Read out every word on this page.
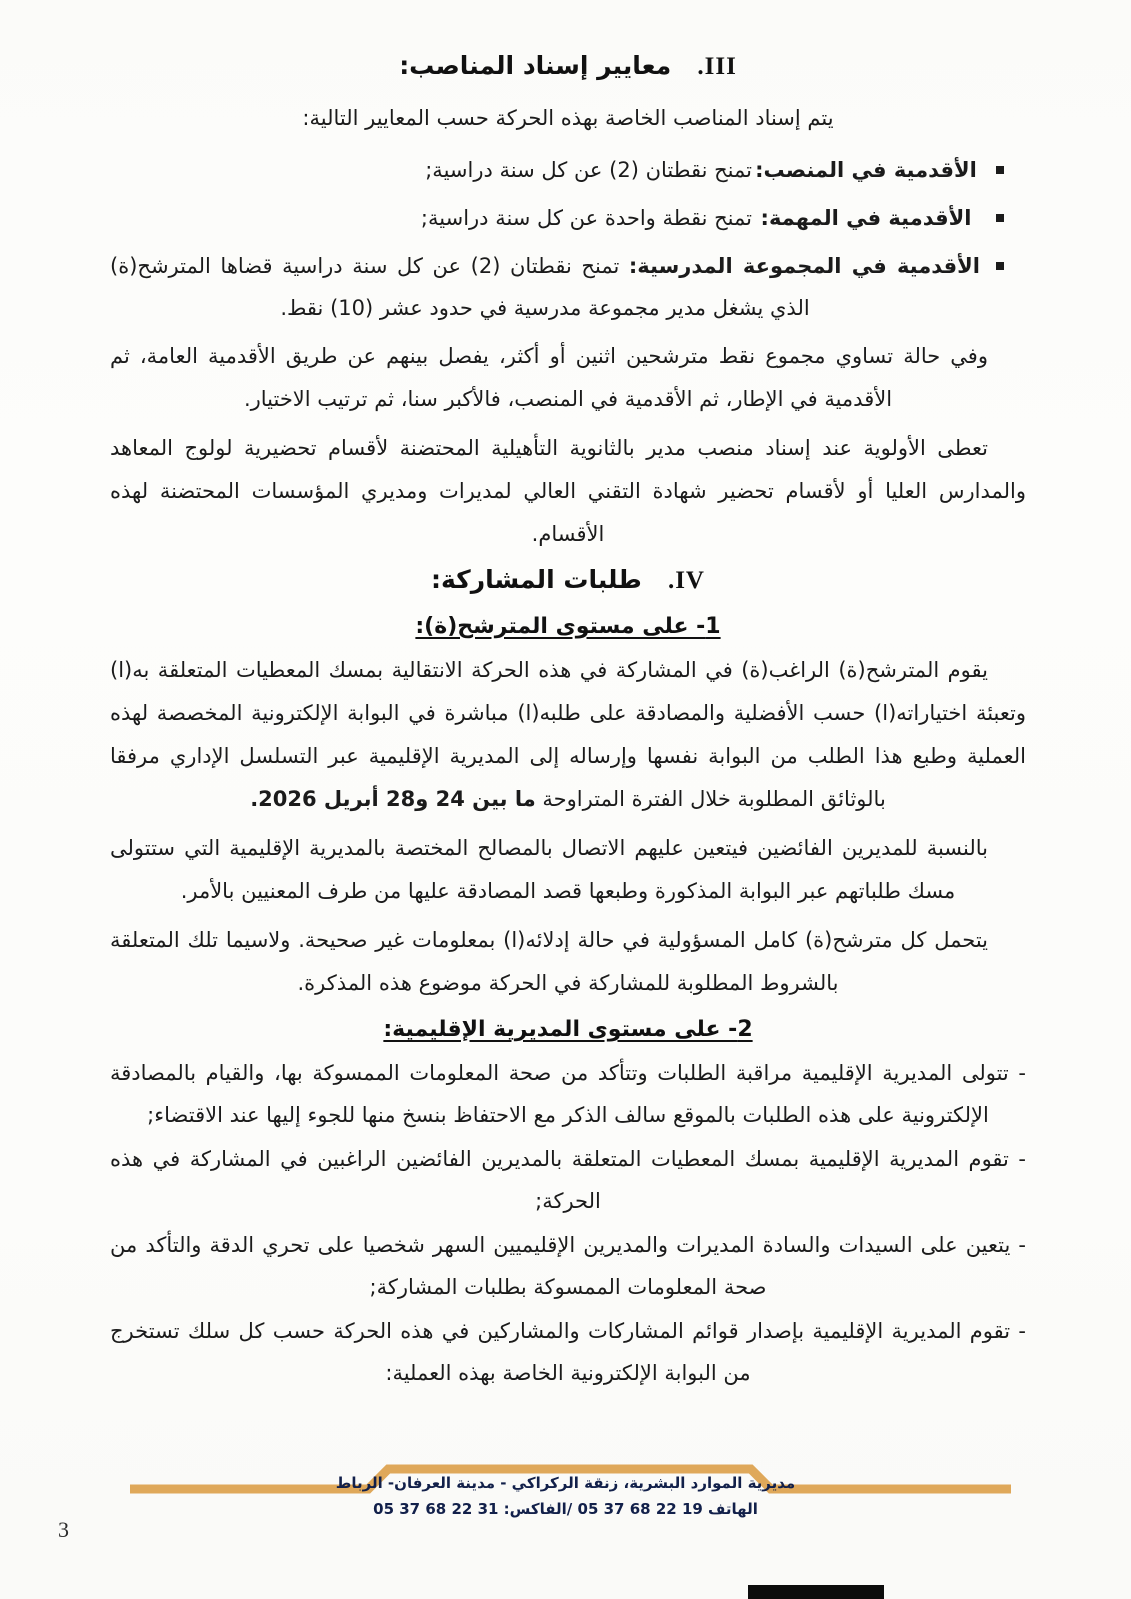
III.   معايير إسناد المناصب:

يتم إسناد المناصب الخاصة بهذه الحركة حسب المعايير التالية:

الأقدمية في المنصب:
تمنح نقطتان (2) عن كل سنة دراسية;
الأقدمية في المهمة:
تمنح نقطة واحدة عن كل سنة دراسية;
الأقدمية في المجموعة المدرسية: تمنح نقطتان (2) عن كل سنة دراسية قضاها المترشح(ة) الذي يشغل مدير مجموعة مدرسية في حدود عشر (10) نقط.

وفي حالة تساوي مجموع نقط مترشحين اثنين أو أكثر، يفصل بينهم عن طريق الأقدمية العامة، ثم الأقدمية في الإطار، ثم الأقدمية في المنصب، فالأكبر سنا، ثم ترتيب الاختيار.

تعطى الأولوية عند إسناد منصب مدير بالثانوية التأهيلية المحتضنة لأقسام تحضيرية لولوج المعاهد والمدارس العليا أو لأقسام تحضير شهادة التقني العالي لمديرات ومديري المؤسسات المحتضنة لهذه الأقسام.

IV.   طلبات المشاركة:
1- على مستوى المترشح(ة):

يقوم المترشح(ة) الراغب(ة) في المشاركة في هذه الحركة الانتقالية بمسك المعطيات المتعلقة به(ا) وتعبئة اختياراته(ا) حسب الأفضلية والمصادقة على طلبه(ا) مباشرة في البوابة الإلكترونية المخصصة لهذه العملية وطبع هذا الطلب من البوابة نفسها وإرساله إلى المديرية الإقليمية عبر التسلسل الإداري مرفقا بالوثائق المطلوبة خلال الفترة المتراوحة ما بين 24 و28 أبريل 2026.

بالنسبة للمديرين الفائضين فيتعين عليهم الاتصال بالمصالح المختصة بالمديرية الإقليمية التي ستتولى مسك طلباتهم عبر البوابة المذكورة وطبعها قصد المصادقة عليها من طرف المعنيين بالأمر.

يتحمل كل مترشح(ة) كامل المسؤولية في حالة إدلائه(ا) بمعلومات غير صحيحة. ولاسيما تلك المتعلقة بالشروط المطلوبة للمشاركة في الحركة موضوع هذه المذكرة.

2- على مستوى المديرية الإقليمية:
- تتولى المديرية الإقليمية مراقبة الطلبات وتتأكد من صحة المعلومات الممسوكة بها، والقيام بالمصادقة الإلكترونية على هذه الطلبات بالموقع سالف الذكر مع الاحتفاظ بنسخ منها للجوء إليها عند الاقتضاء;
- تقوم المديرية الإقليمية بمسك المعطيات المتعلقة بالمديرين الفائضين الراغبين في المشاركة في هذه الحركة;
- يتعين على السيدات والسادة المديرات والمديرين الإقليميين السهر شخصيا على تحري الدقة والتأكد من صحة المعلومات الممسوكة بطلبات المشاركة;
- تقوم المديرية الإقليمية بإصدار قوائم المشاركات والمشاركين في هذه الحركة حسب كل سلك تستخرج من البوابة الإلكترونية الخاصة بهذه العملية:
مديرية الموارد البشرية، زنقة الركراكي - مدينة العرفان- الرباط
الهاتف 19 22 68 37 05 /الفاكس: 31 22 68 37 05
3
